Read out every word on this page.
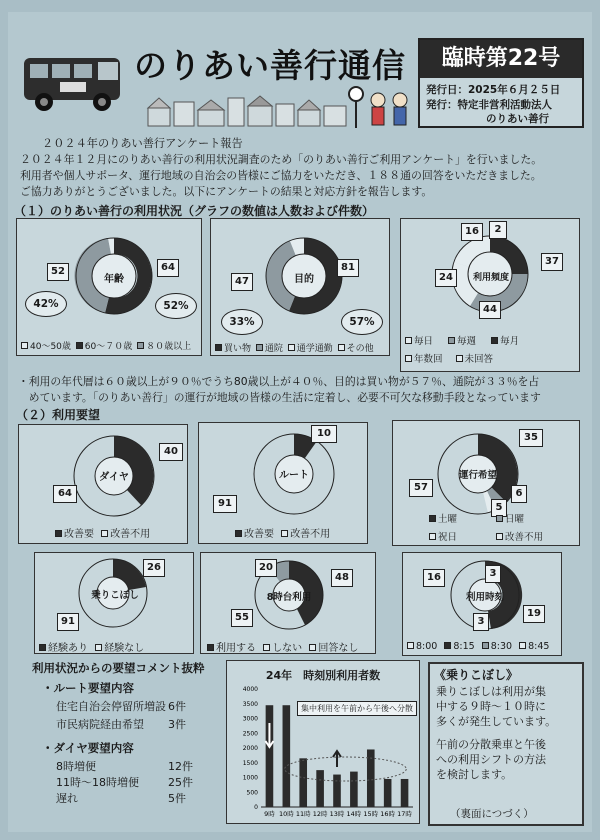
のりあい善行通信	臨時第22号
発行日：2025年６月２５日
発行：特定非営利活動法人
のりあい善行
２０２４年のりあい善行アンケート報告
２０２４年１２月にのりあい善行の利用状況調査のため「のりあい善行ご利用アンケート」を行いました。
利用者や個人サポータ、運行地域の自治会の皆様にご協力をいただき、１８８通の回答をいただきました。
ご協力ありがとうございました。以下にアンケートの結果と対応方針を報告します。
（１）のりあい善行の利用状況（グラフの数値は人数および件数）
年齢
52	64
42%	52%
40～50歳 60～７０歳 ８０歳以上
目的
47
81
33%	57%
買い物 通院 通学通勤 その他
利用頻度
16	2
37
24
44
毎日	毎週	毎月
年数回 未回答
・利用の年代層は６０歳以上が９０％でうち80歳以上が４０％、目的は買い物が５７％、通院が３３％を占
　めています。「のりあい善行」の運行が地域の皆様の生活に定着し、必要不可欠な移動手段となっています
（２）利用要望
ダイヤ
40
64
改善要 改善不用
ルート
10
91
改善要 改善不用
運行希望
35
57
6
5
土曜	日曜
祝日	改善不用
乗りこぼし
26
91
経験あり 経験なし
8時台利用
20
48
55
利用する しない 回答なし
利用時刻
16	3
19
3
8:00 8:15 8:30 8:45
利用状況からの要望コメント抜粋
・ルート要望内容
住宅自治会停留所増設 6件
市民病院経由希望 3件
・ダイヤ要望内容
8時増便	12件
11時～18時増便	25件
遅れ	5件
24年　時刻別利用者数
4000
3500
3000
2500
2000
1500
1000
500
0
9時 10時 11時 12時 13時 14時 15時 16時 17時
集中利用を午前から午後へ分散
《乗りこぼし》
乗りこぼしは利用が集
中する９時～１０時に
多くが発生しています。
午前の分散乗車と午後
への利用シフトの方法
を検討します。
（裏面につづく）
